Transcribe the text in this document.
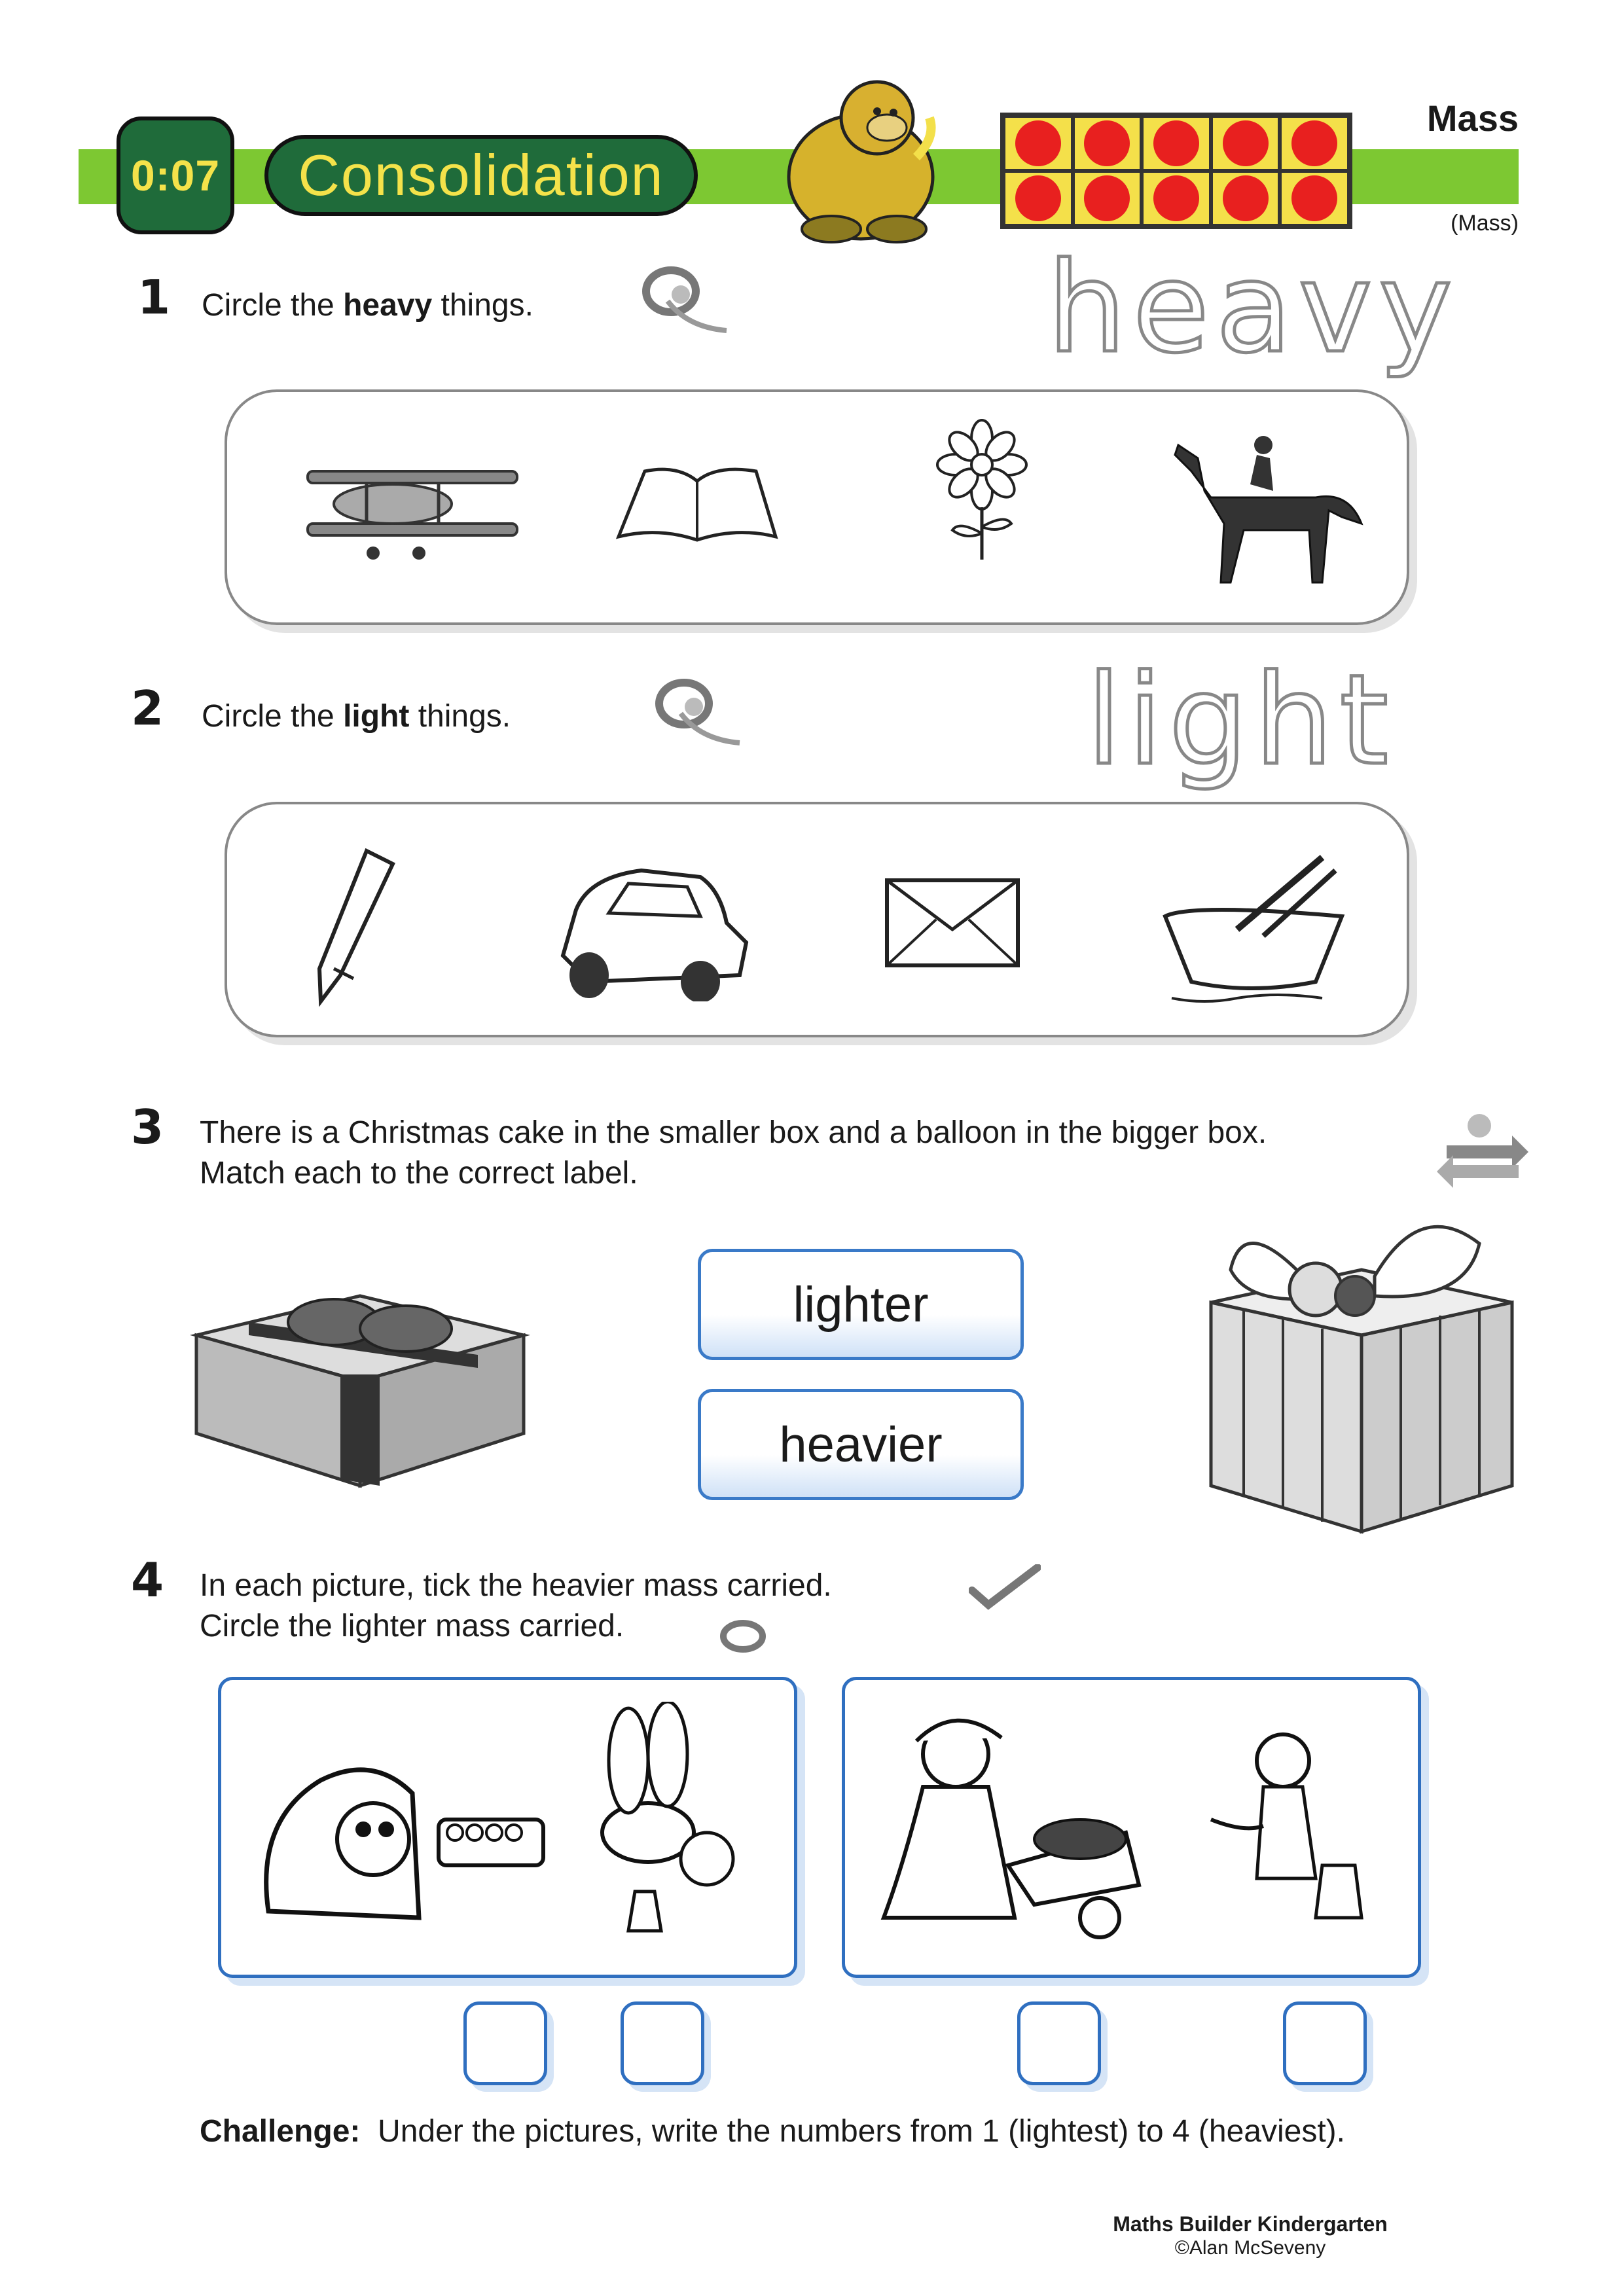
0:07	Consolidation
Mass
(Mass)
1 Circle the heavy things.	heavy
2 Circle the light things.	light
3 There is a Christmas cake in the smaller box and a balloon in the bigger box.
Match each to the correct label.
lighter
heavier
4 In each picture, tick the heavier mass carried.
Circle the lighter mass carried.
Challenge: Under the pictures, write the numbers from 1 (lightest) to 4 (heaviest).
Maths Builder Kindergarten
©Alan McSeveny
